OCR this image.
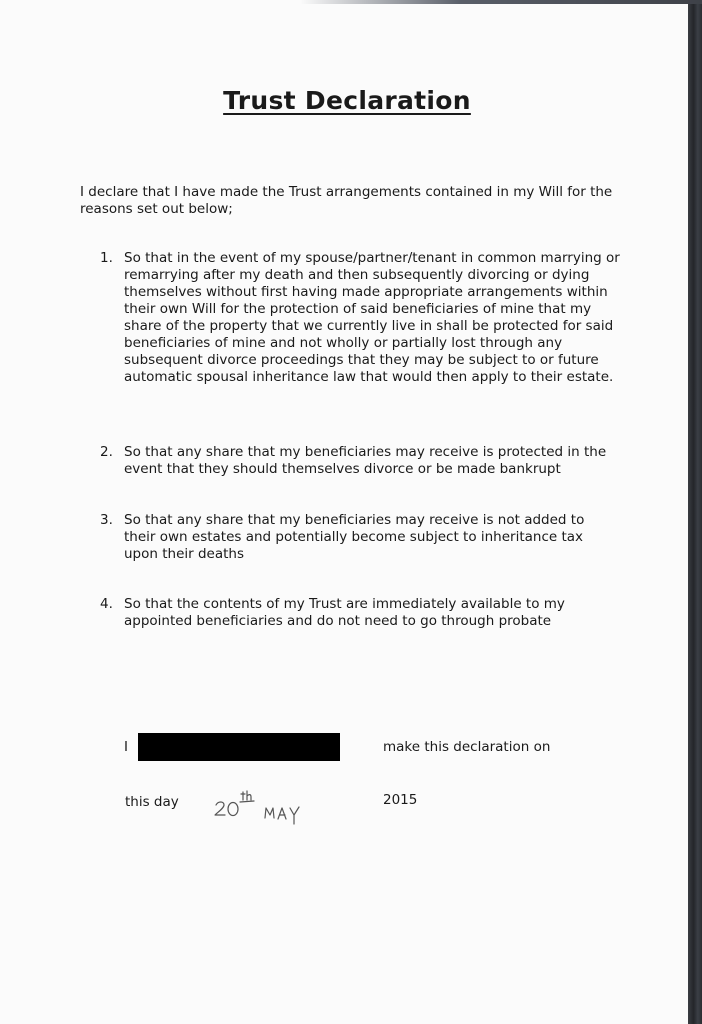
Trust Declaration
I declare that I have made the Trust arrangements contained in my Will for the reasons set out below;
1. So that in the event of my spouse/partner/tenant in common marrying or remarrying after my death and then subsequently divorcing or dying themselves without first having made appropriate arrangements within their own Will for the protection of said beneficiaries of mine that my share of the property that we currently live in shall be protected for said beneficiaries of mine and not wholly or partially lost through any subsequent divorce proceedings that they may be subject to or future automatic spousal inheritance law that would then apply to their estate.
2. So that any share that my beneficiaries may receive is protected in the event that they should themselves divorce or be made bankrupt
3. So that any share that my beneficiaries may receive is not added to their own estates and potentially become subject to inheritance tax upon their deaths
4. So that the contents of my Trust are immediately available to my appointed beneficiaries and do not need to go through probate
I	make this declaration on
this day	2015
